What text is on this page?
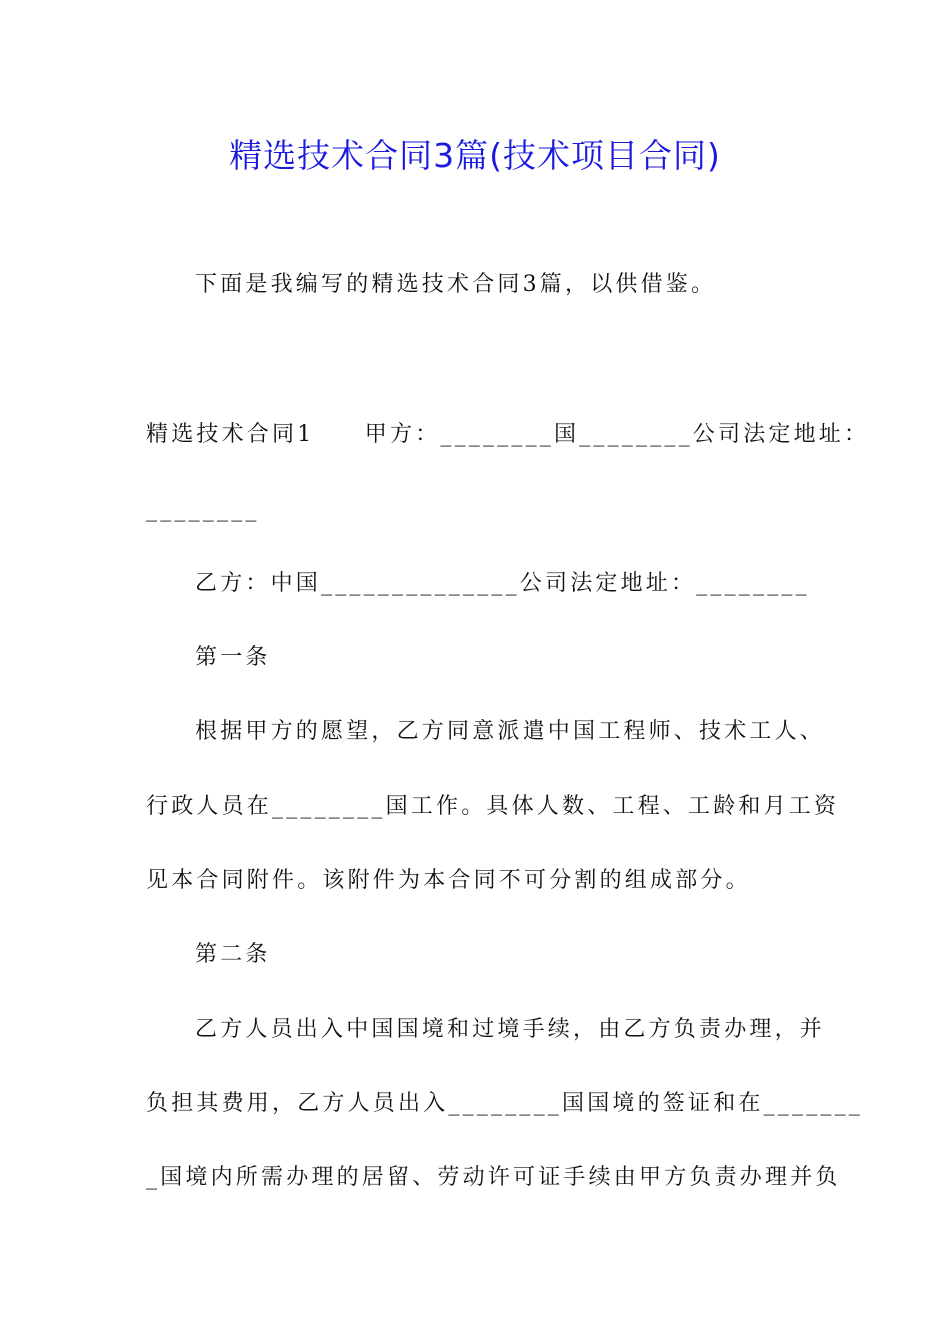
精选技术合同3篇(技术项目合同)
下面是我编写的精选技术合同3篇，以供借鉴。
精选技术合同1　　甲方：________国________公司法定地址：
________
乙方：中国______________公司法定地址：________
第一条
根据甲方的愿望，乙方同意派遣中国工程师、技术工人、
行政人员在________国工作。具体人数、工程、工龄和月工资
见本合同附件。该附件为本合同不可分割的组成部分。
第二条
乙方人员出入中国国境和过境手续，由乙方负责办理，并
负担其费用，乙方人员出入________国国境的签证和在_______
_国境内所需办理的居留、劳动许可证手续由甲方负责办理并负
